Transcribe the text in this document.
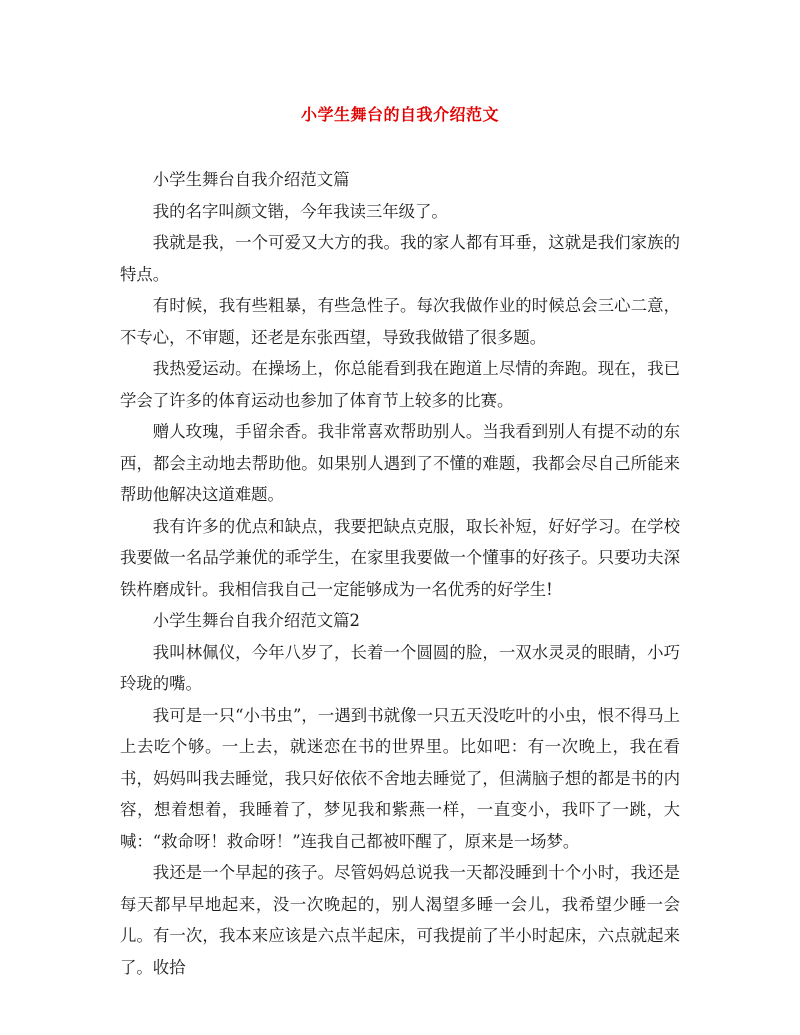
小学生舞台的自我介绍范文

小学生舞台自我介绍范文篇

我的名字叫颜文锴，今年我读三年级了。

我就是我，一个可爱又大方的我。我的家人都有耳垂，这就是我们家族的特点。

有时候，我有些粗暴，有些急性子。每次我做作业的时候总会三心二意，不专心，不审题，还老是东张西望，导致我做错了很多题。

我热爱运动。在操场上，你总能看到我在跑道上尽情的奔跑。现在，我已学会了许多的体育运动也参加了体育节上较多的比赛。

赠人玫瑰，手留余香。我非常喜欢帮助别人。当我看到别人有提不动的东西，都会主动地去帮助他。如果别人遇到了不懂的难题，我都会尽自己所能来帮助他解决这道难题。

我有许多的优点和缺点，我要把缺点克服，取长补短，好好学习。在学校我要做一名品学兼优的乖学生，在家里我要做一个懂事的好孩子。只要功夫深铁杵磨成针。我相信我自己一定能够成为一名优秀的好学生!

小学生舞台自我介绍范文篇2

我叫林佩仪，今年八岁了，长着一个圆圆的脸，一双水灵灵的眼睛，小巧玲珑的嘴。

我可是一只“小书虫”，一遇到书就像一只五天没吃叶的小虫，恨不得马上上去吃个够。一上去，就迷恋在书的世界里。比如吧：有一次晚上，我在看书，妈妈叫我去睡觉，我只好依依不舍地去睡觉了，但满脑子想的都是书的内容，想着想着，我睡着了，梦见我和紫燕一样，一直变小，我吓了一跳，大喊：“救命呀！救命呀！”连我自己都被吓醒了，原来是一场梦。

我还是一个早起的孩子。尽管妈妈总说我一天都没睡到十个小时，我还是每天都早早地起来，没一次晚起的，别人渴望多睡一会儿，我希望少睡一会儿。有一次，我本来应该是六点半起床，可我提前了半小时起床，六点就起来了。收拾
